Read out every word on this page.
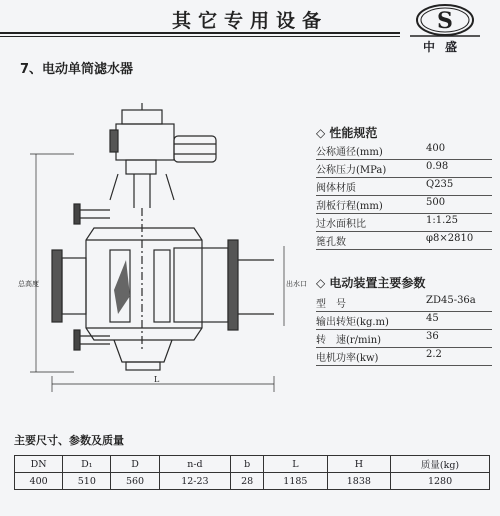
其它专用设备	S
中盛
7、电动单筒滤水器
总高度	出水口
L
◇ 性能规范
公称通径(mm)	400
公称压力(MPa)	0.98
阀体材质	Q235
刮板行程(mm)	500
过水面积比	1:1.25
篦孔数	φ8×2810
◇ 电动装置主要参数
型　号	ZD45-36a
输出转矩(kg.m)	45
转　速(r/min)	36
电机功率(kw)	2.2
主要尺寸、参数及质量
DN	D₁	D	n-d	b	L	H	质量(kg)
400	510	560	12-23	28	1185	1838	1280
